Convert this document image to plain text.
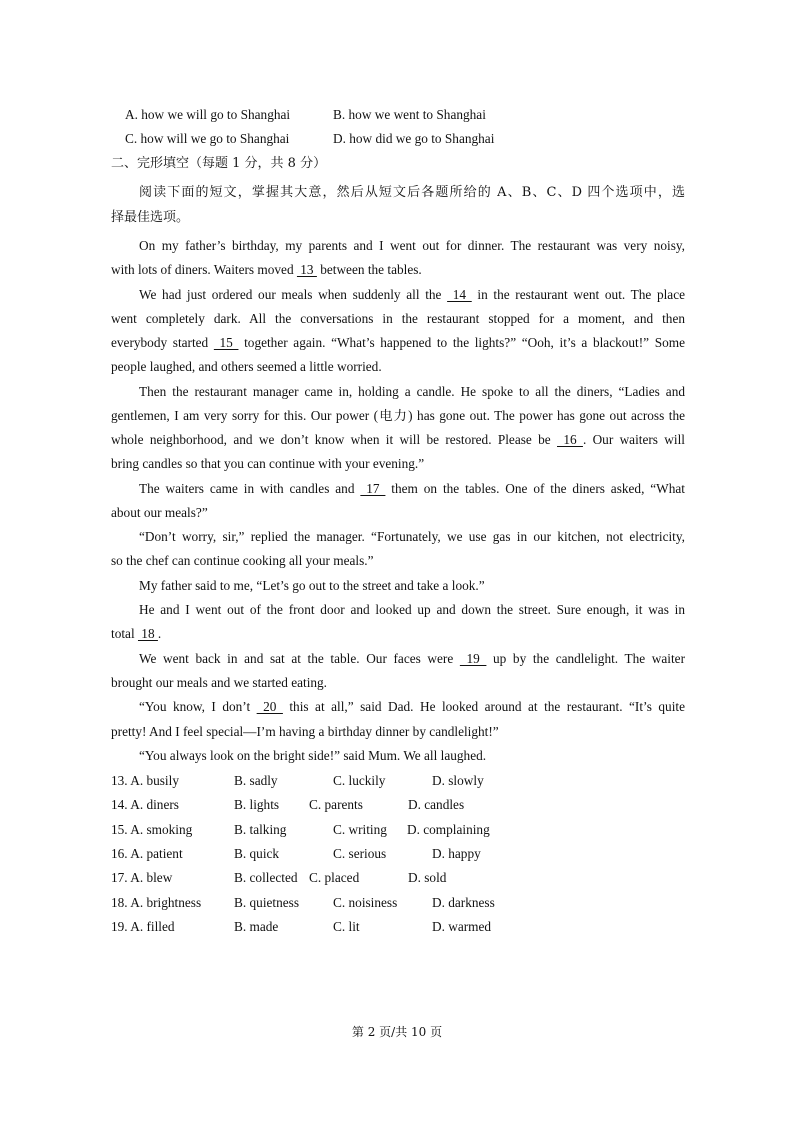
A. how we will go to Shanghai	B. how we went to Shanghai
C. how will we go to Shanghai	D. how did we go to Shanghai
二、完形填空（每题 1 分，共 8 分）
阅读下面的短文，掌握其大意，然后从短文后各题所给的 A、B、C、D 四个选项中，选
择最佳选项。
On my father’s birthday, my parents and I went out for dinner. The restaurant was very noisy,
with lots of diners. Waiters moved  13  between the tables.
We had just ordered our meals when suddenly all the  14  in the restaurant went out. The place
went completely dark. All the conversations in the restaurant stopped for a moment, and then
everybody started  15  together again. “What’s happened to the lights?” “Ooh, it’s a blackout!” Some
people laughed, and others seemed a little worried.
Then the restaurant manager came in, holding a candle. He spoke to all the diners, “Ladies and
gentlemen, I am very sorry for this. Our power (电力) has gone out. The power has gone out across the
whole neighborhood, and we don’t know when it will be restored. Please be  16 . Our waiters will
bring candles so that you can continue with your evening.”
The waiters came in with candles and  17  them on the tables. One of the diners asked, “What
about our meals?”
“Don’t worry, sir,” replied the manager. “Fortunately, we use gas in our kitchen, not electricity,
so the chef can continue cooking all your meals.”
My father said to me, “Let’s go out to the street and take a look.”
He and I went out of the front door and looked up and down the street. Sure enough, it was in
total  18 .
We went back in and sat at the table. Our faces were  19  up by the candlelight. The waiter
brought our meals and we started eating.
“You know, I don’t  20  this at all,” said Dad. He looked around at the restaurant. “It’s quite
pretty! And I feel special—I’m having a birthday dinner by candlelight!”
“You always look on the bright side!” said Mum. We all laughed.
13. A. busily	B. sadly	C. luckily	D. slowly
14. A. diners	B. lights C. parents	D. candles
15. A. smoking	B. talking	C. writing D. complaining
16. A. patient	B. quick	C. serious	D. happy
17. A. blew	B. collected C. placed	D. sold
18. A. brightness B. quietness	C. noisiness	D. darkness
19. A. filled	B. made	C. lit	D. warmed
第 2 页/共 10 页
